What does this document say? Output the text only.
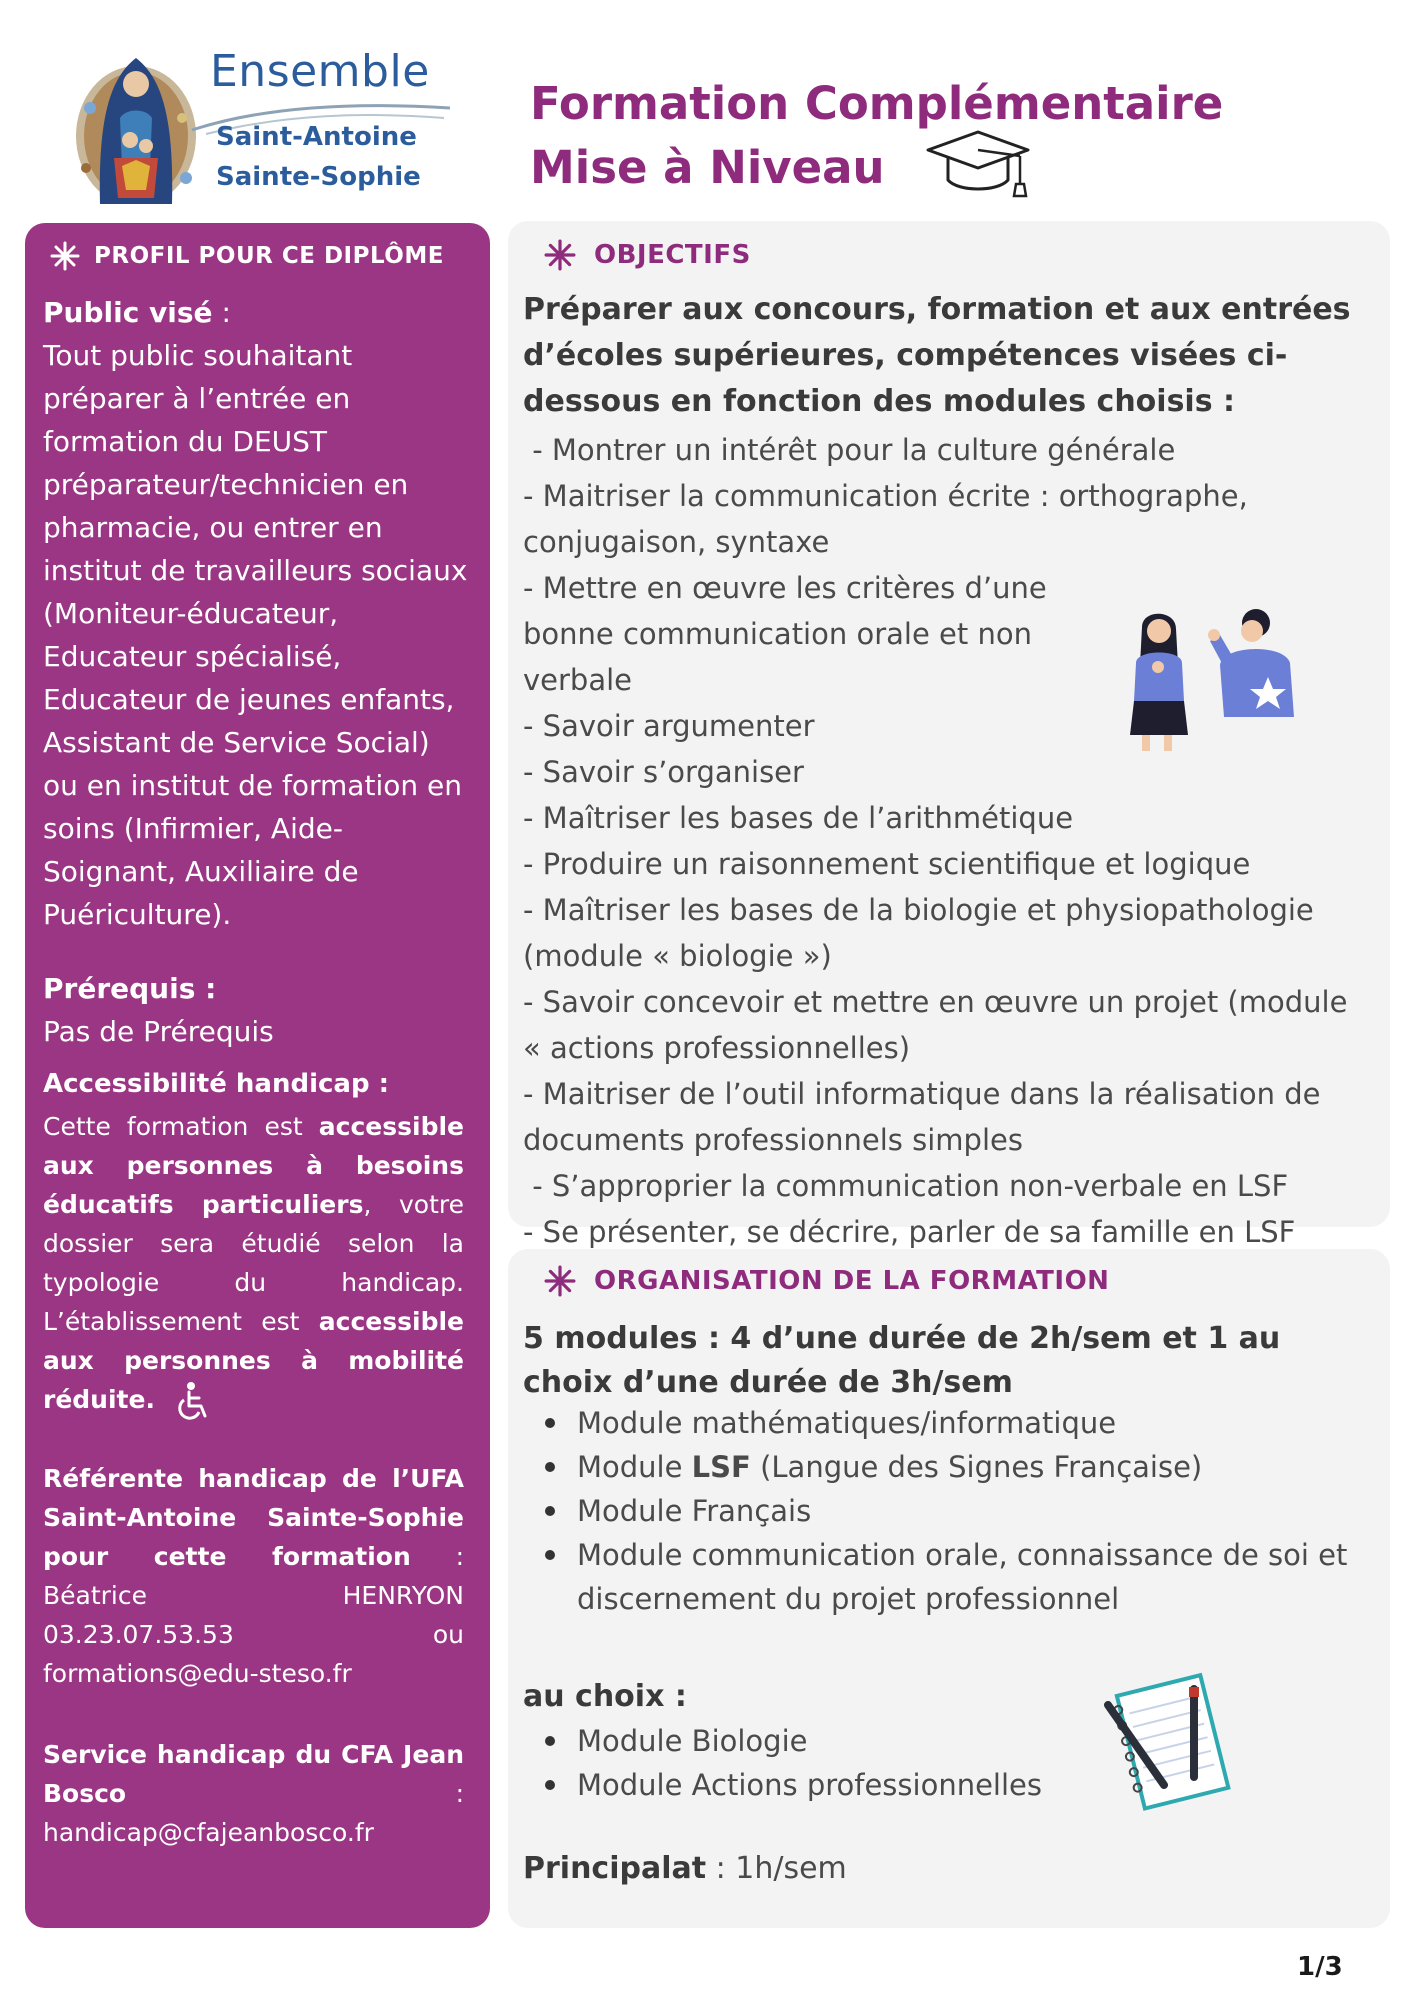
Ensemble
Saint-Antoine
Sainte-Sophie
Formation Complémentaire
Mise à Niveau
PROFIL POUR CE DIPLÔME
Public visé :
Tout public souhaitant préparer à l’entrée en formation du DEUST préparateur/technicien en pharmacie, ou entrer en institut de travailleurs sociaux (Moniteur-éducateur, Educateur spécialisé, Educateur de jeunes enfants, Assistant de Service Social) ou en institut de formation en soins (Infirmier, Aide-Soignant, Auxiliaire de Puériculture).
Prérequis :
Pas de Prérequis
Accessibilité handicap :
Cette formation est accessible aux personnes à besoins éducatifs particuliers, votre dossier sera étudié selon la typologie du handicap. L’établissement est accessible aux personnes à mobilité réduite.
Référente handicap de l’UFA Saint-Antoine Sainte-Sophie pour cette formation : Béatrice HENRYON 03.23.07.53.53 ou formations@edu-steso.fr
Service handicap du CFA Jean Bosco : handicap@cfajeanbosco.fr
OBJECTIFS
Préparer aux concours, formation et aux entrées d’écoles supérieures, compétences visées ci-dessous en fonction des modules choisis :
- Montrer un intérêt pour la culture générale
- Maitriser la communication écrite : orthographe, conjugaison, syntaxe
- Mettre en œuvre les critères d’une bonne communication orale et non verbale
- Savoir argumenter
- Savoir s’organiser
- Maîtriser les bases de l’arithmétique
- Produire un raisonnement scientifique et logique
- Maîtriser les bases de la biologie et physiopathologie (module « biologie »)
- Savoir concevoir et mettre en œuvre un projet (module  « actions professionnelles)
- Maitriser de l’outil informatique dans la réalisation de documents professionnels simples
- S’approprier la communication non-verbale en LSF
- Se présenter, se décrire, parler de sa famille en LSF
ORGANISATION DE LA FORMATION
5 modules : 4 d’une durée de 2h/sem et 1 au choix d’une durée de 3h/sem
Module mathématiques/informatique
Module LSF (Langue des Signes Française)
Module Français
Module communication orale, connaissance de soi et discernement du projet professionnel
au choix :
Module Biologie
Module Actions professionnelles
Principalat : 1h/sem
1/3
